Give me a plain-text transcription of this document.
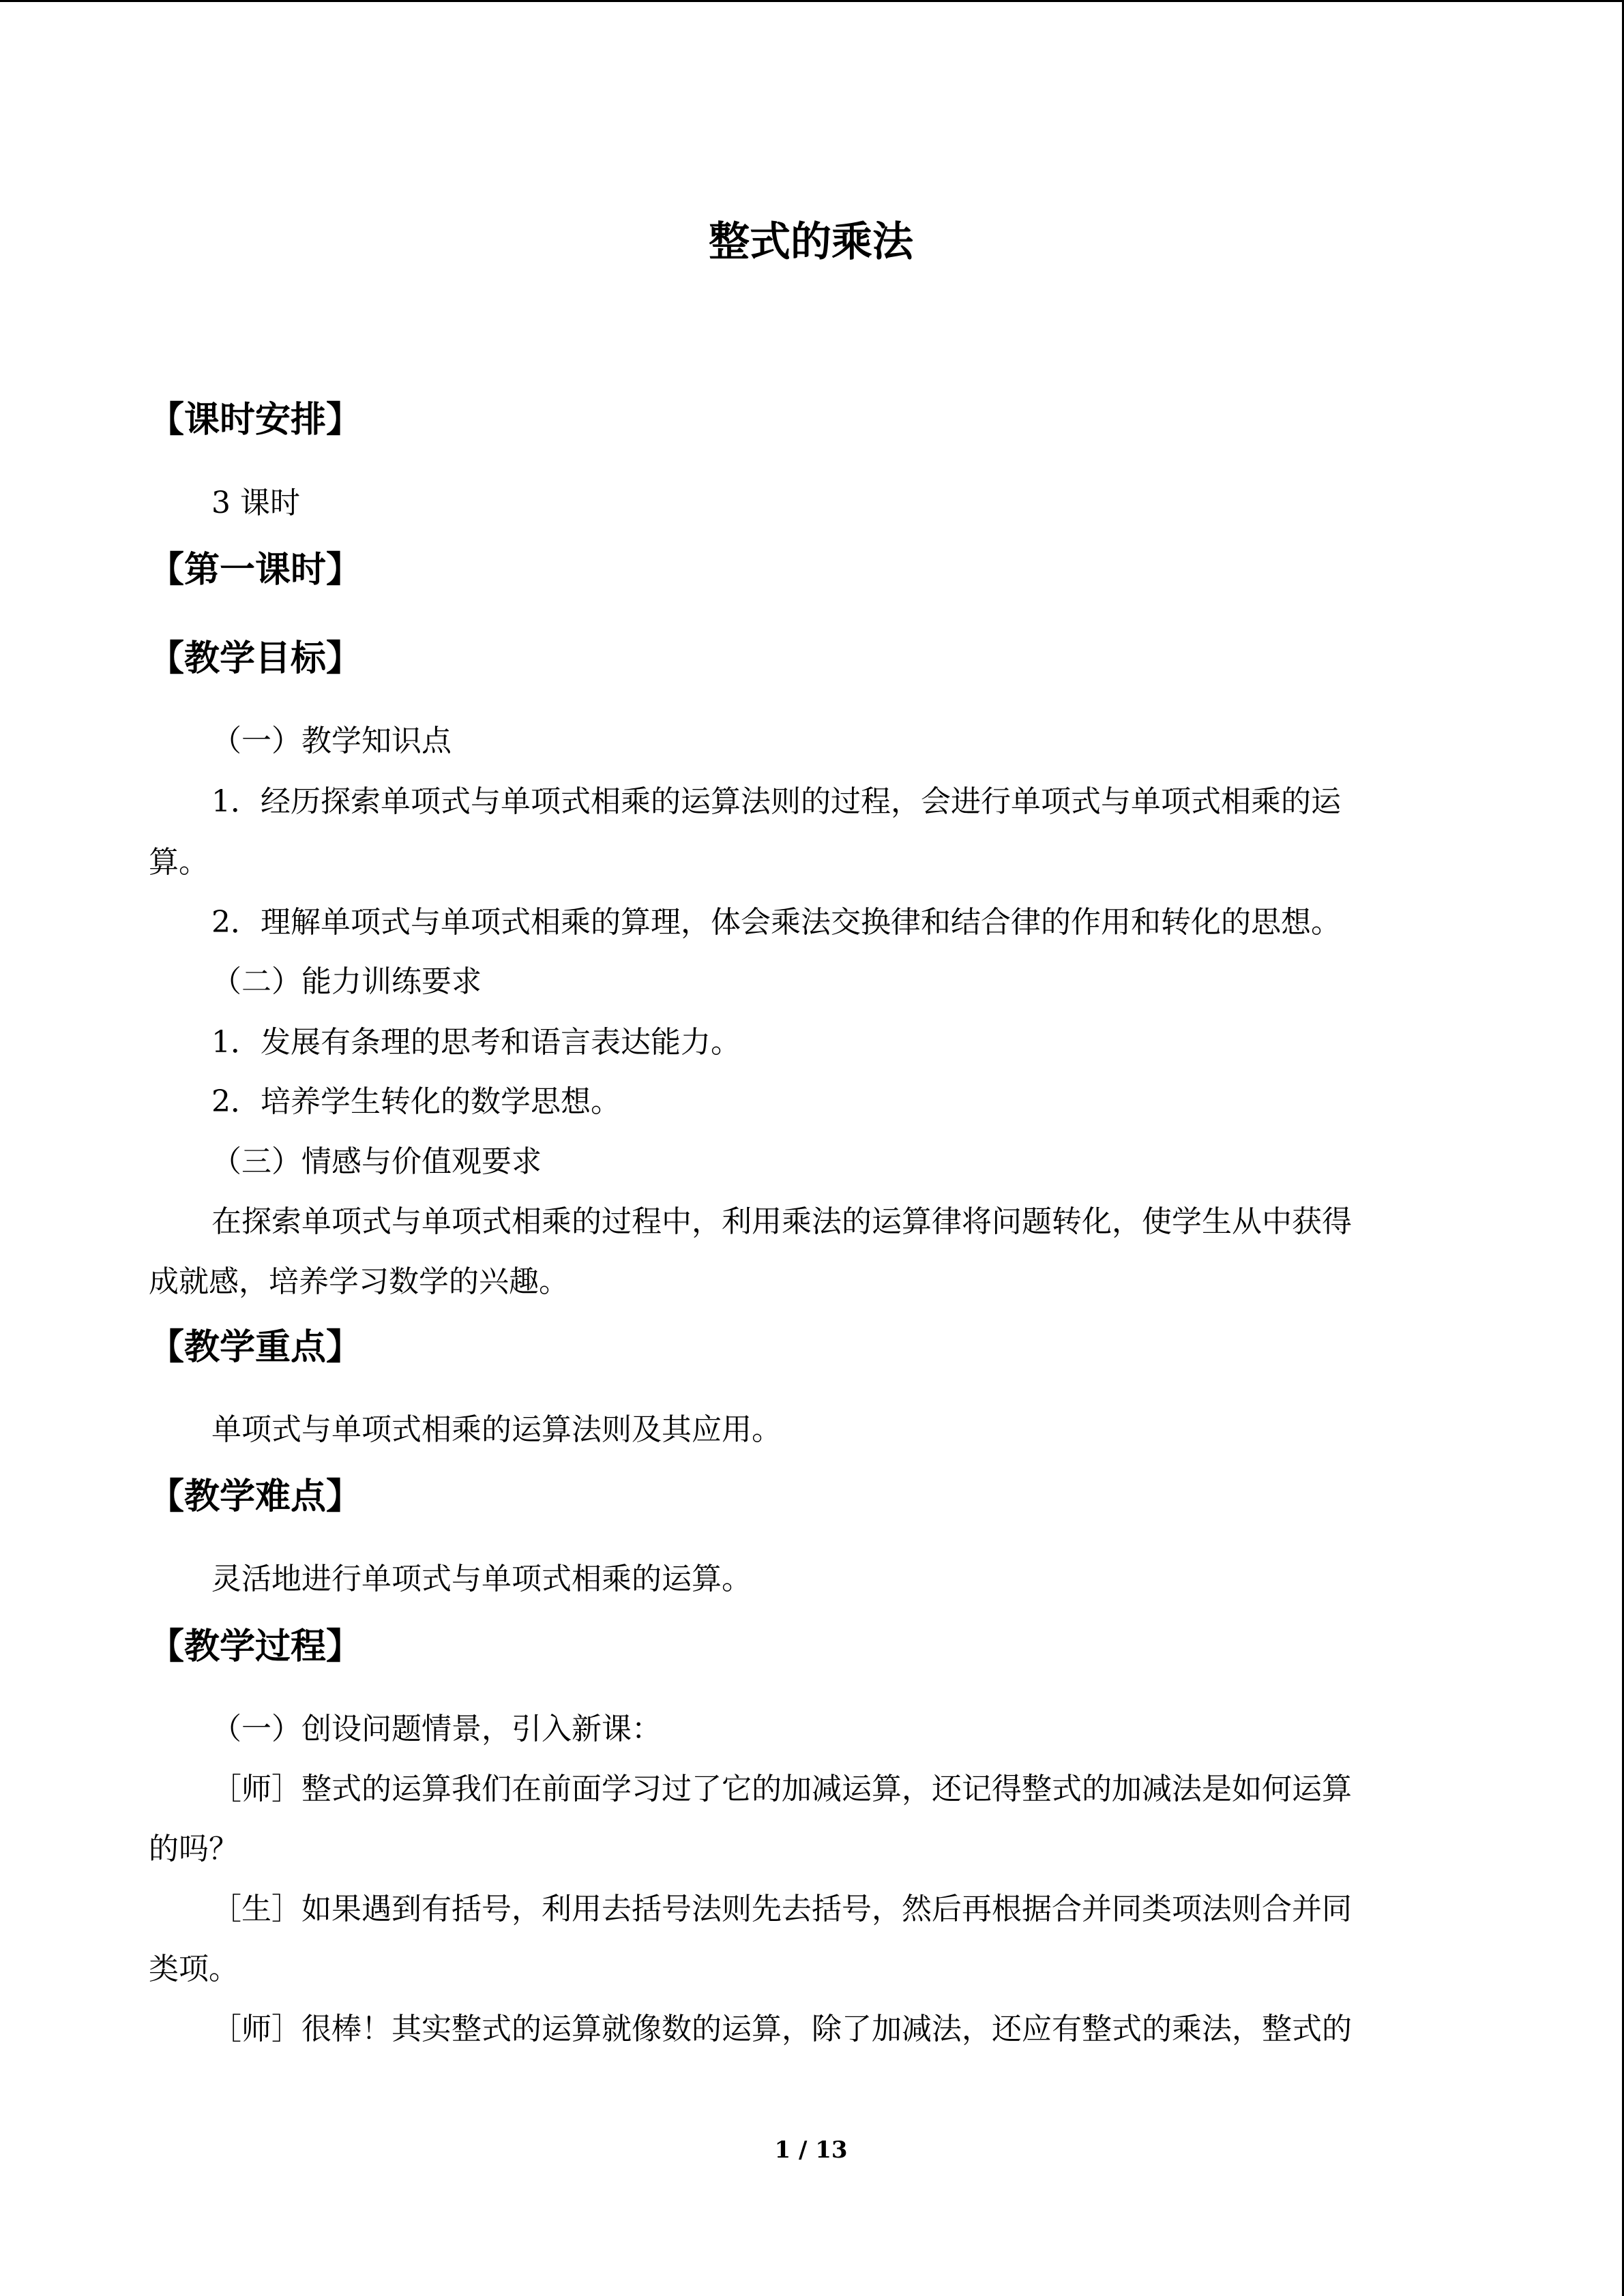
整式的乘法
【课时安排】

3 课时

【第一课时】
【教学目标】

（一）教学知识点

1．经历探索单项式与单项式相乘的运算法则的过程，会进行单项式与单项式相乘的运

算。

2．理解单项式与单项式相乘的算理，体会乘法交换律和结合律的作用和转化的思想。

（二）能力训练要求

1．发展有条理的思考和语言表达能力。

2．培养学生转化的数学思想。

（三）情感与价值观要求

在探索单项式与单项式相乘的过程中，利用乘法的运算律将问题转化，使学生从中获得

成就感，培养学习数学的兴趣。

【教学重点】

单项式与单项式相乘的运算法则及其应用。

【教学难点】

灵活地进行单项式与单项式相乘的运算。

【教学过程】

（一）创设问题情景，引入新课：

［师］整式的运算我们在前面学习过了它的加减运算，还记得整式的加减法是如何运算

的吗？

［生］如果遇到有括号，利用去括号法则先去括号，然后再根据合并同类项法则合并同

类项。

［师］很棒！其实整式的运算就像数的运算，除了加减法，还应有整式的乘法，整式的

1 / 13
